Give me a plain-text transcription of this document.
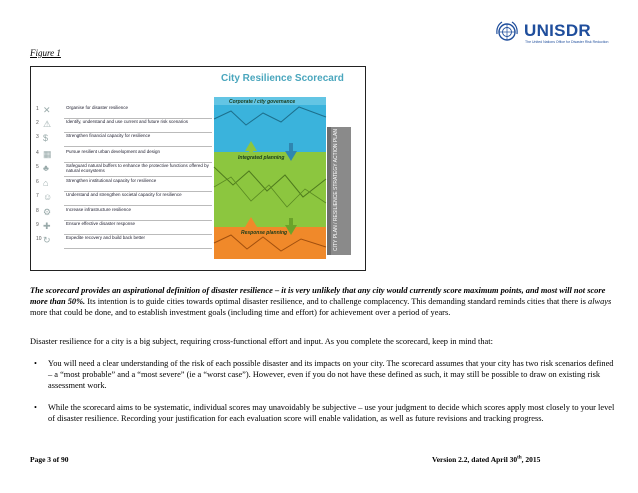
UNISDR
The United Nations Office for Disaster Risk Reduction
Figure 1
City Resilience Scorecard
Corporate / city governance
Integrated planning
Response planning	CITY PLAN / RESILIENCE STRATEGY ACTION PLAN
1 ✕	Organise for disaster resilience
2 ⚠	Identify, understand and use current and future risk scenarios
3 $	Strengthen financial capacity for resilience
4 ▦	Pursue resilient urban development and design
5 ♣	Safeguard natural buffers to enhance the protective functions offered by natural ecosystems
6 ⌂	Strengthen institutional capacity for resilience
7 ☺	Understand and strengthen societal capacity for resilience
8 ⚙	Increase infrastructure resilience
9 ✚	Ensure effective disaster response
10 ↻	Expedite recovery and build back better
The scorecard provides an aspirational definition of disaster resilience – it is very unlikely that any city would currently score maximum points, and most will not score more than 50%. Its intention is to guide cities towards optimal disaster resilience, and to challenge complacency. This demanding standard reminds cities that there is always more that could be done, and to establish investment goals (including time and effort) for achievement over a period of years.
Disaster resilience for a city is a big subject, requiring cross-functional effort and input. As you complete the scorecard, keep in mind that:
• You will need a clear understanding of the risk of each possible disaster and its impacts on your city. The scorecard assumes that your city has two risk scenarios defined – a “most probable” and a “most severe” (ie a “worst case”). However, even if you do not have these defined as such, it may still be possible to draw on existing risk assessment work.
• While the scorecard aims to be systematic, individual scores may unavoidably be subjective – use your judgment to decide which scores apply most closely to your level of disaster resilience. Recording your justification for each evaluation score will enable validation, as well as future revisions and tracking progress.
Page 3 of 90	Version 2.2, dated April 30th, 2015
